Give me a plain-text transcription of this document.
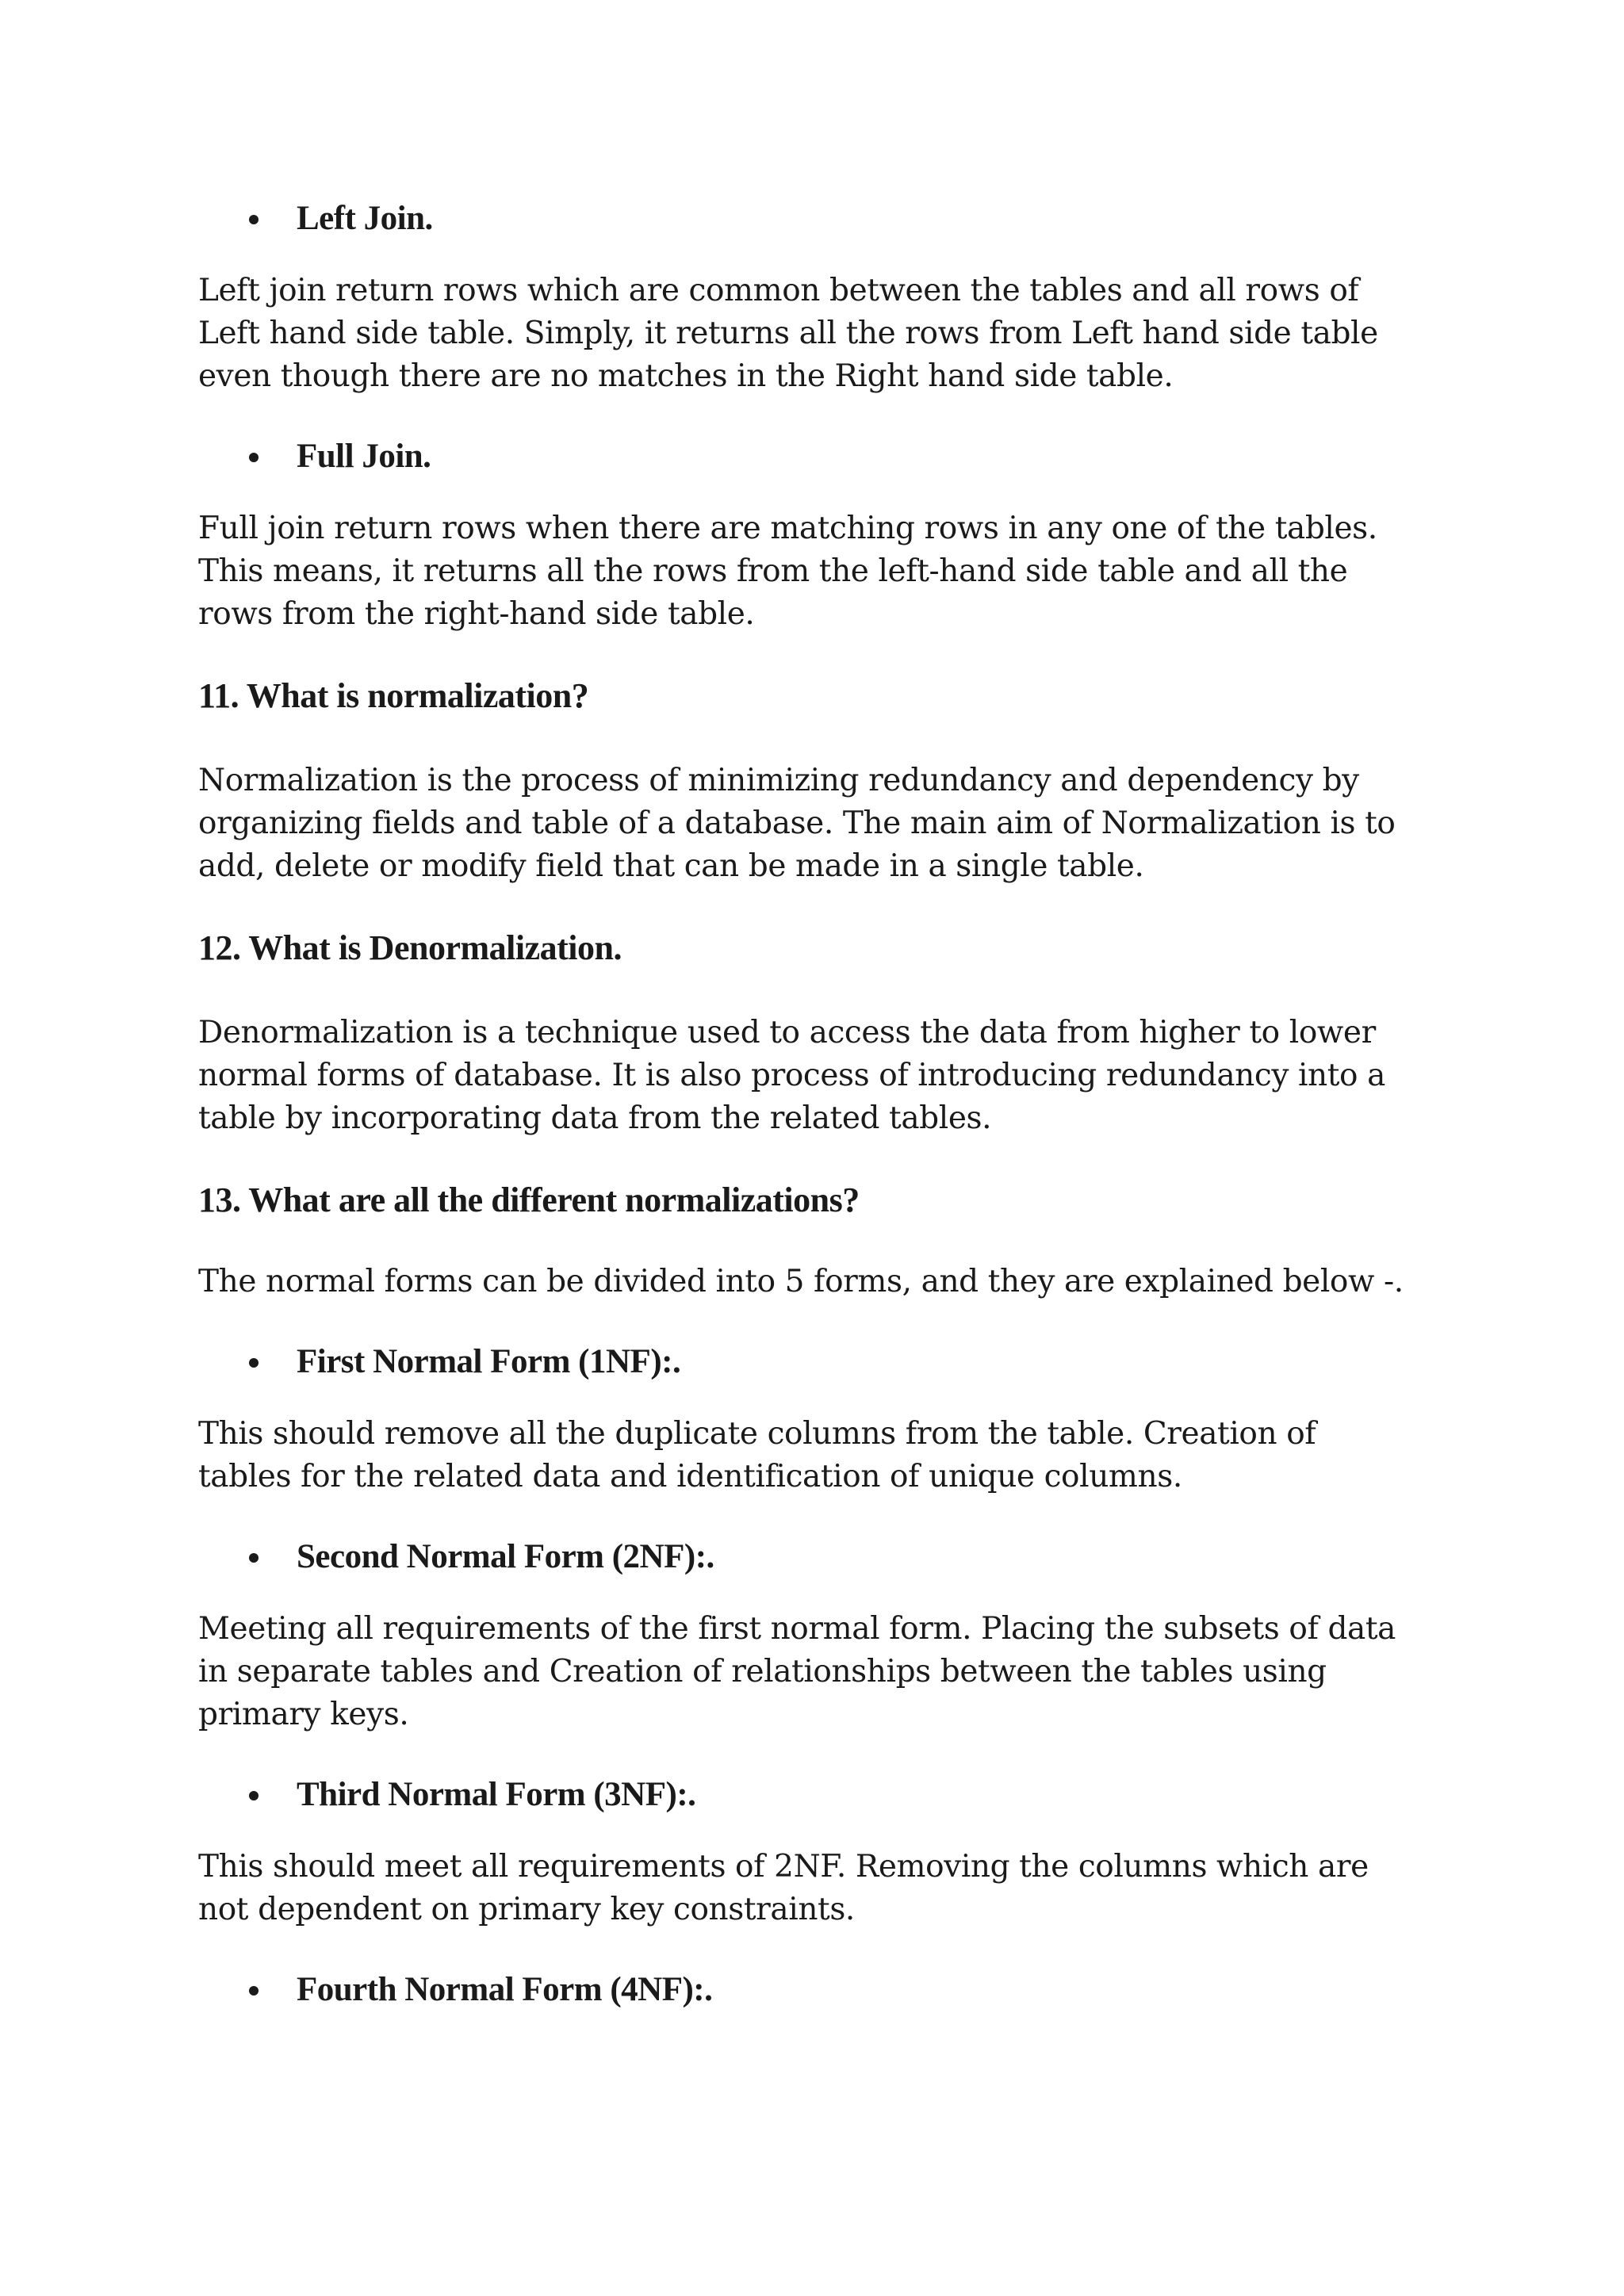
Left Join.

Left join return rows which are common between the tables and all rows of
Left hand side table. Simply, it returns all the rows from Left hand side table
even though there are no matches in the Right hand side table.

Full Join.

Full join return rows when there are matching rows in any one of the tables.
This means, it returns all the rows from the left-hand side table and all the
rows from the right-hand side table.

11. What is normalization?

Normalization is the process of minimizing redundancy and dependency by
organizing fields and table of a database. The main aim of Normalization is to
add, delete or modify field that can be made in a single table.

12. What is Denormalization.

Denormalization is a technique used to access the data from higher to lower
normal forms of database. It is also process of introducing redundancy into a
table by incorporating data from the related tables.

13. What are all the different normalizations?

The normal forms can be divided into 5 forms, and they are explained below -.

First Normal Form (1NF):.

This should remove all the duplicate columns from the table. Creation of
tables for the related data and identification of unique columns.

Second Normal Form (2NF):.

Meeting all requirements of the first normal form. Placing the subsets of data
in separate tables and Creation of relationships between the tables using
primary keys.

Third Normal Form (3NF):.

This should meet all requirements of 2NF. Removing the columns which are
not dependent on primary key constraints.

Fourth Normal Form (4NF):.
